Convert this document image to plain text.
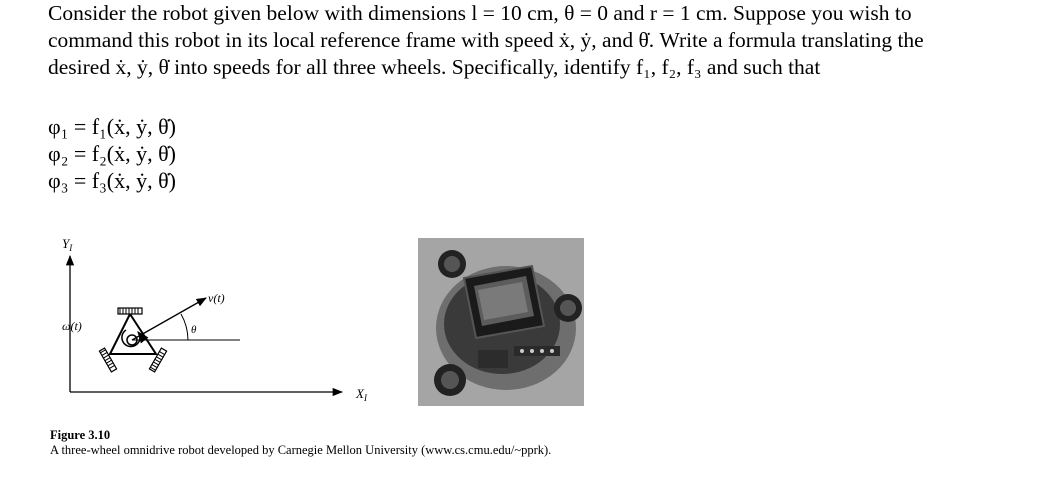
Consider the robot given below with dimensions l = 10 cm, θ = 0 and r = 1 cm. Suppose you wish to

command this robot in its local reference frame with speed ẋ, ẏ, and θ̇. Write a formula translating the

desired ẋ, ẏ, θ̇ into speeds for all three wheels. Specifically, identify f₁, f₂, f₃ and such that

φ₁ = f₁(ẋ, ẏ, θ̇)
φ₂ = f₂(ẋ, ẏ, θ̇)
φ₃ = f₃(ẋ, ẏ, θ̇)
$Y_I$
$X_I$
ω(t)
v(t)
θ
Figure 3.10
A three-wheel omnidrive robot developed by Carnegie Mellon University (www.cs.cmu.edu/~pprk).
